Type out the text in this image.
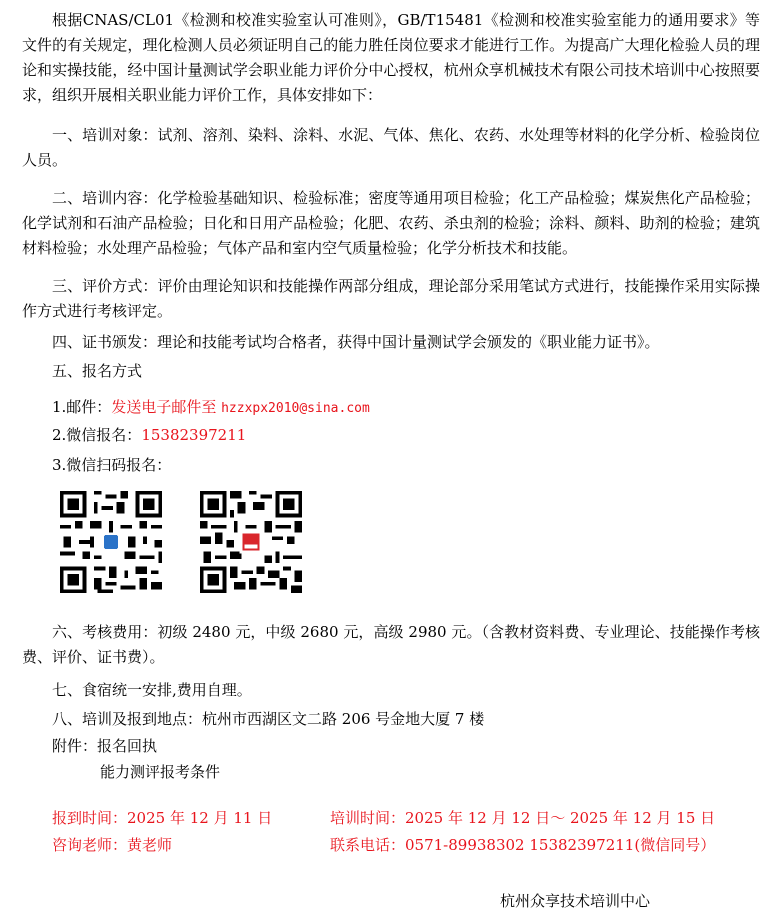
根据CNAS/CL01《检测和校准实验室认可准则》，GB/T15481《检测和校准实验室能力的通用要求》等文件的有关规定，理化检测人员必须证明自己的能力胜任岗位要求才能进行工作。为提高广大理化检验人员的理论和实操技能，经中国计量测试学会职业能力评价分中心授权，杭州众享机械技术有限公司技术培训中心按照要求，组织开展相关职业能力评价工作，具体安排如下：

一、培训对象：试剂、溶剂、染料、涂料、水泥、气体、焦化、农药、水处理等材料的化学分析、检验岗位人员。

二、培训内容：化学检验基础知识、检验标准；密度等通用项目检验；化工产品检验；煤炭焦化产品检验；化学试剂和石油产品检验；日化和日用产品检验；化肥、农药、杀虫剂的检验；涂料、颜料、助剂的检验；建筑材料检验；水处理产品检验；气体产品和室内空气质量检验；化学分析技术和技能。

三、评价方式：评价由理论知识和技能操作两部分组成，理论部分采用笔试方式进行，技能操作采用实际操作方式进行考核评定。

四、证书颁发：理论和技能考试均合格者，获得中国计量测试学会颁发的《职业能力证书》。

五、报名方式

1.邮件：发送电子邮件至 hzzxpx2010@sina.com

2.微信报名：15382397211

3.微信扫码报名：

六、考核费用：初级 2480 元，中级 2680 元，高级 2980 元。（含教材资料费、专业理论、技能操作考核费、评价、证书费）。

七、食宿统一安排,费用自理。

八、培训及报到地点：杭州市西湖区文二路 206 号金地大厦 7 楼

附件：报名回执

能力测评报考条件

报到时间：2025 年 12 月 11 日	培训时间：2025 年 12 月 12 日～ 2025 年 12 月 15 日

咨询老师：黄老师	联系电话：0571-89938302 15382397211(微信同号）

杭州众享技术培训中心
